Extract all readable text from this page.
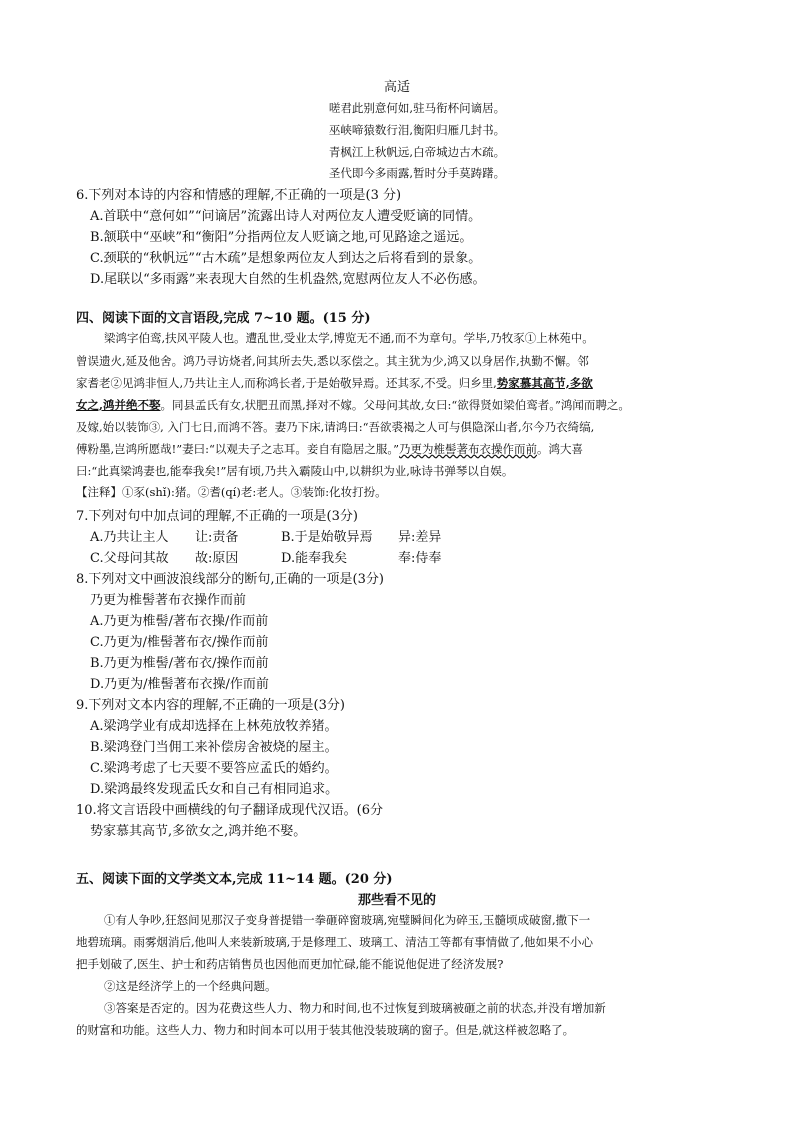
高适
嗟君此别意何如,驻马衔杯问谪居。
巫峡啼猿数行泪,衡阳归雁几封书。
青枫江上秋帆远,白帝城边古木疏。
圣代即今多雨露,暂时分手莫踌躇。
6.下列对本诗的内容和情感的理解,不正确的一项是(3 分)
A.首联中“意何如”“问谪居”流露出诗人对两位友人遭受贬谪的同情。
B.颔联中“巫峡”和“衡阳”分指两位友人贬谪之地,可见路途之遥远。
C.颈联的“秋帆远”“古木疏”是想象两位友人到达之后将看到的景象。
D.尾联以“多雨露”来表现大自然的生机盎然,宽慰两位友人不必伤感。
四、阅读下面的文言语段,完成 7~10 题。(15 分)
梁鸿字伯鸾,扶风平陵人也。遭乱世,受业太学,博览无不通,而不为章句。学毕,乃牧豕①上林苑中。
曾误遗火,延及他舍。鸿乃寻访烧者,问其所去失,悉以豕偿之。其主犹为少,鸿又以身居作,执勤不懈。邻
家耆老②见鸿非恒人,乃共让主人,而称鸿长者,于是始敬异焉。还其豕,不受。归乡里,势家慕其高节,多欲
女之,鸿并绝不娶。同县孟氏有女,状肥丑而黑,择对不嫁。父母问其故,女曰:“欲得贤如梁伯鸾者。”鸿闻而聘之。
及嫁,始以装饰③, 入门七日,而鸿不答。妻乃下床,请鸿曰:“吾欲裘褐之人可与俱隐深山者,尔今乃衣绮缟,
傅粉墨,岂鸿所愿哉!”妻曰:“以观夫子之志耳。妾自有隐居之服。”乃更为椎髻著布衣操作而前。鸿大喜
曰:“此真梁鸿妻也,能奉我矣!”居有顷,乃共入霸陵山中,以耕织为业,咏诗书弹琴以自娱。
【注释】①豕(shǐ):猪。②耆(qí)老:老人。③装饰:化妆打扮。
7.下列对句中加点词的理解,不正确的一项是(3分)
A.乃共让主人 让:责备	B.于是始敬异焉 异:差异
C.父母问其故 故:原因	D.能奉我矣	奉:侍奉
8.下列对文中画波浪线部分的断句,正确的一项是(3分)
乃更为椎髻著布衣操作而前
A.乃更为椎髻/著布衣操/作而前
C.乃更为/椎髻著布衣/操作而前
B.乃更为椎髻/著布衣/操作而前
D.乃更为/椎髻著布衣操/作而前
9.下列对文本内容的理解,不正确的一项是(3分)
A.梁鸿学业有成却选择在上林苑放牧养猪。
B.梁鸿登门当佣工来补偿房舍被烧的屋主。
C.梁鸿考虑了七天要不要答应孟氏的婚约。
D.梁鸿最终发现孟氏女和自己有相同追求。
10.将文言语段中画横线的句子翻译成现代汉语。(6分
势家慕其高节,多欲女之,鸿并绝不娶。
五、阅读下面的文学类文本,完成 11~14 题。(20 分)
那些看不见的
①有人争吵,狂怒间见那汉子变身普提错一拳砸碎窗玻璃,宛璧瞬间化为碎玉,玉髓顷成破窗,撒下一
地碧琉璃。雨雾烟消后,他叫人来装新玻璃,于是修理工、玻璃工、清洁工等都有事情做了,他如果不小心
把手划破了,医生、护士和药店销售员也因他而更加忙碌,能不能说他促进了经济发展?
②这是经济学上的一个经典问题。
③答案是否定的。因为花费这些人力、物力和时间,也不过恢复到玻璃被砸之前的状态,并没有增加新
的财富和功能。这些人力、物力和时间本可以用于装其他没装玻璃的窗子。但是,就这样被忽略了。
